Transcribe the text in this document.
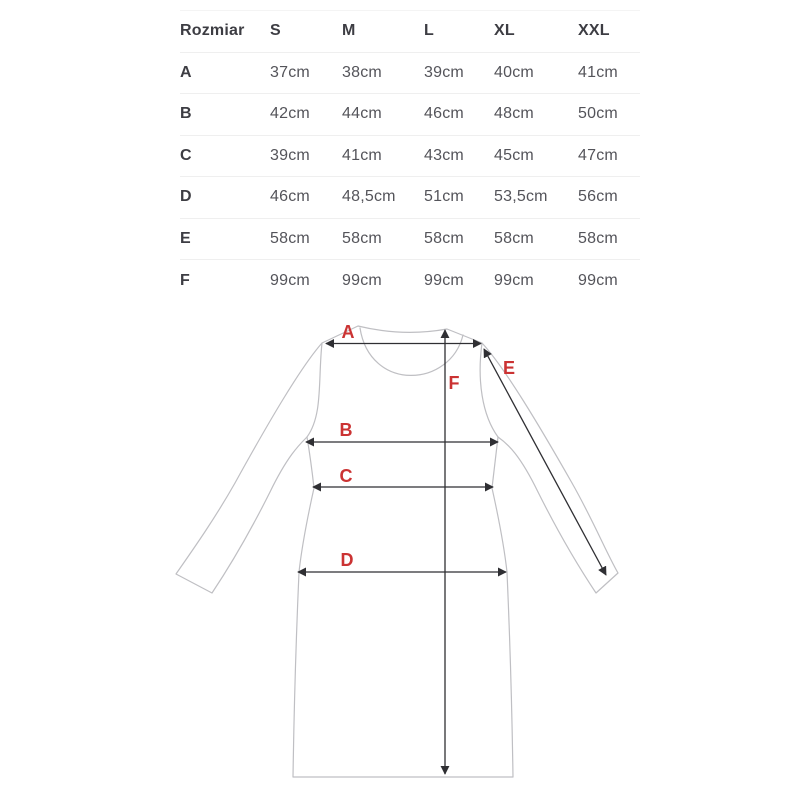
Rozmiar	S	M	L	XL	XXL
A	37cm	38cm	39cm	40cm	41cm
B	42cm	44cm	46cm	48cm	50cm
C	39cm	41cm	43cm	45cm	47cm
D	46cm	48,5cm	51cm	53,5cm	56cm
E	58cm	58cm	58cm	58cm	58cm
F	99cm	99cm	99cm	99cm	99cm
A
B
C
D
E
F
